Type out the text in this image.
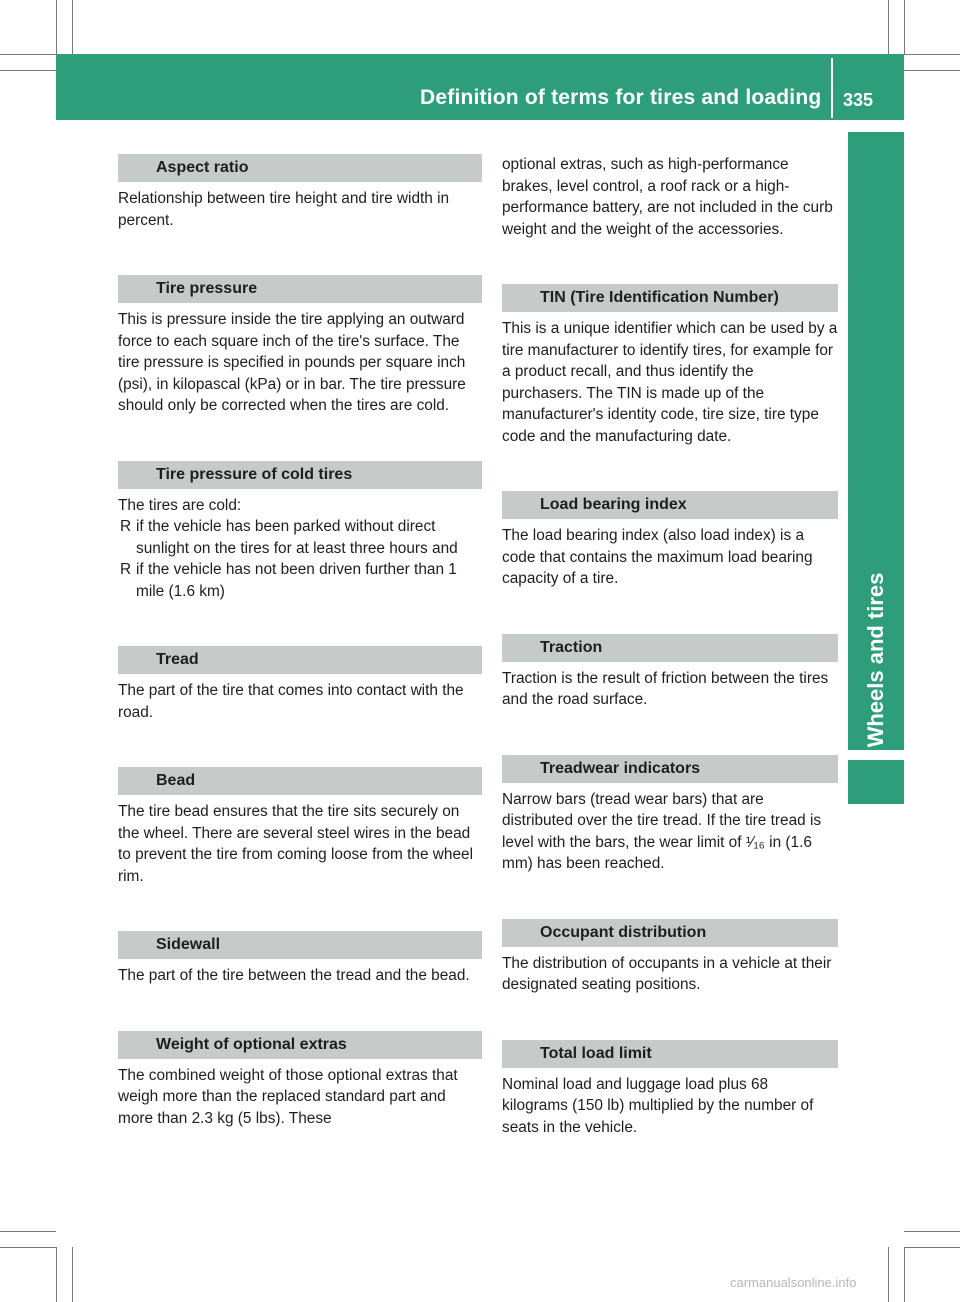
Definition of terms for tires and loading 335
Wheels and tires
Aspect ratio
Relationship between tire height and tire width in percent.
Tire pressure
This is pressure inside the tire applying an outward force to each square inch of the tire's surface. The tire pressure is specified in pounds per square inch (psi), in kilopascal (kPa) or in bar. The tire pressure should only be corrected when the tires are cold.
Tire pressure of cold tires

The tires are cold:

R if the vehicle has been parked without direct sunlight on the tires for at least three hours and
R if the vehicle has not been driven further than 1 mile (1.6 km)
Tread
The part of the tire that comes into contact with the road.
Bead
The tire bead ensures that the tire sits securely on the wheel. There are several steel wires in the bead to prevent the tire from coming loose from the wheel rim.
Sidewall
The part of the tire between the tread and the bead.
Weight of optional extras
The combined weight of those optional extras that weigh more than the replaced standard part and more than 2.3 kg (5 lbs). These
optional extras, such as high-performance brakes, level control, a roof rack or a high-performance battery, are not included in the curb weight and the weight of the accessories.
TIN (Tire Identification Number)
This is a unique identifier which can be used by a tire manufacturer to identify tires, for example for a product recall, and thus identify the purchasers. The TIN is made up of the manufacturer's identity code, tire size, tire type code and the manufacturing date.
Load bearing index
The load bearing index (also load index) is a code that contains the maximum load bearing capacity of a tire.
Traction
Traction is the result of friction between the tires and the road surface.
Treadwear indicators
Narrow bars (tread wear bars) that are distributed over the tire tread. If the tire tread is level with the bars, the wear limit of ¹⁄₁₆ in (1.6 mm) has been reached.
Occupant distribution
The distribution of occupants in a vehicle at their designated seating positions.
Total load limit
Nominal load and luggage load plus 68 kilograms (150 lb) multiplied by the number of seats in the vehicle.
carmanualsonline.info
